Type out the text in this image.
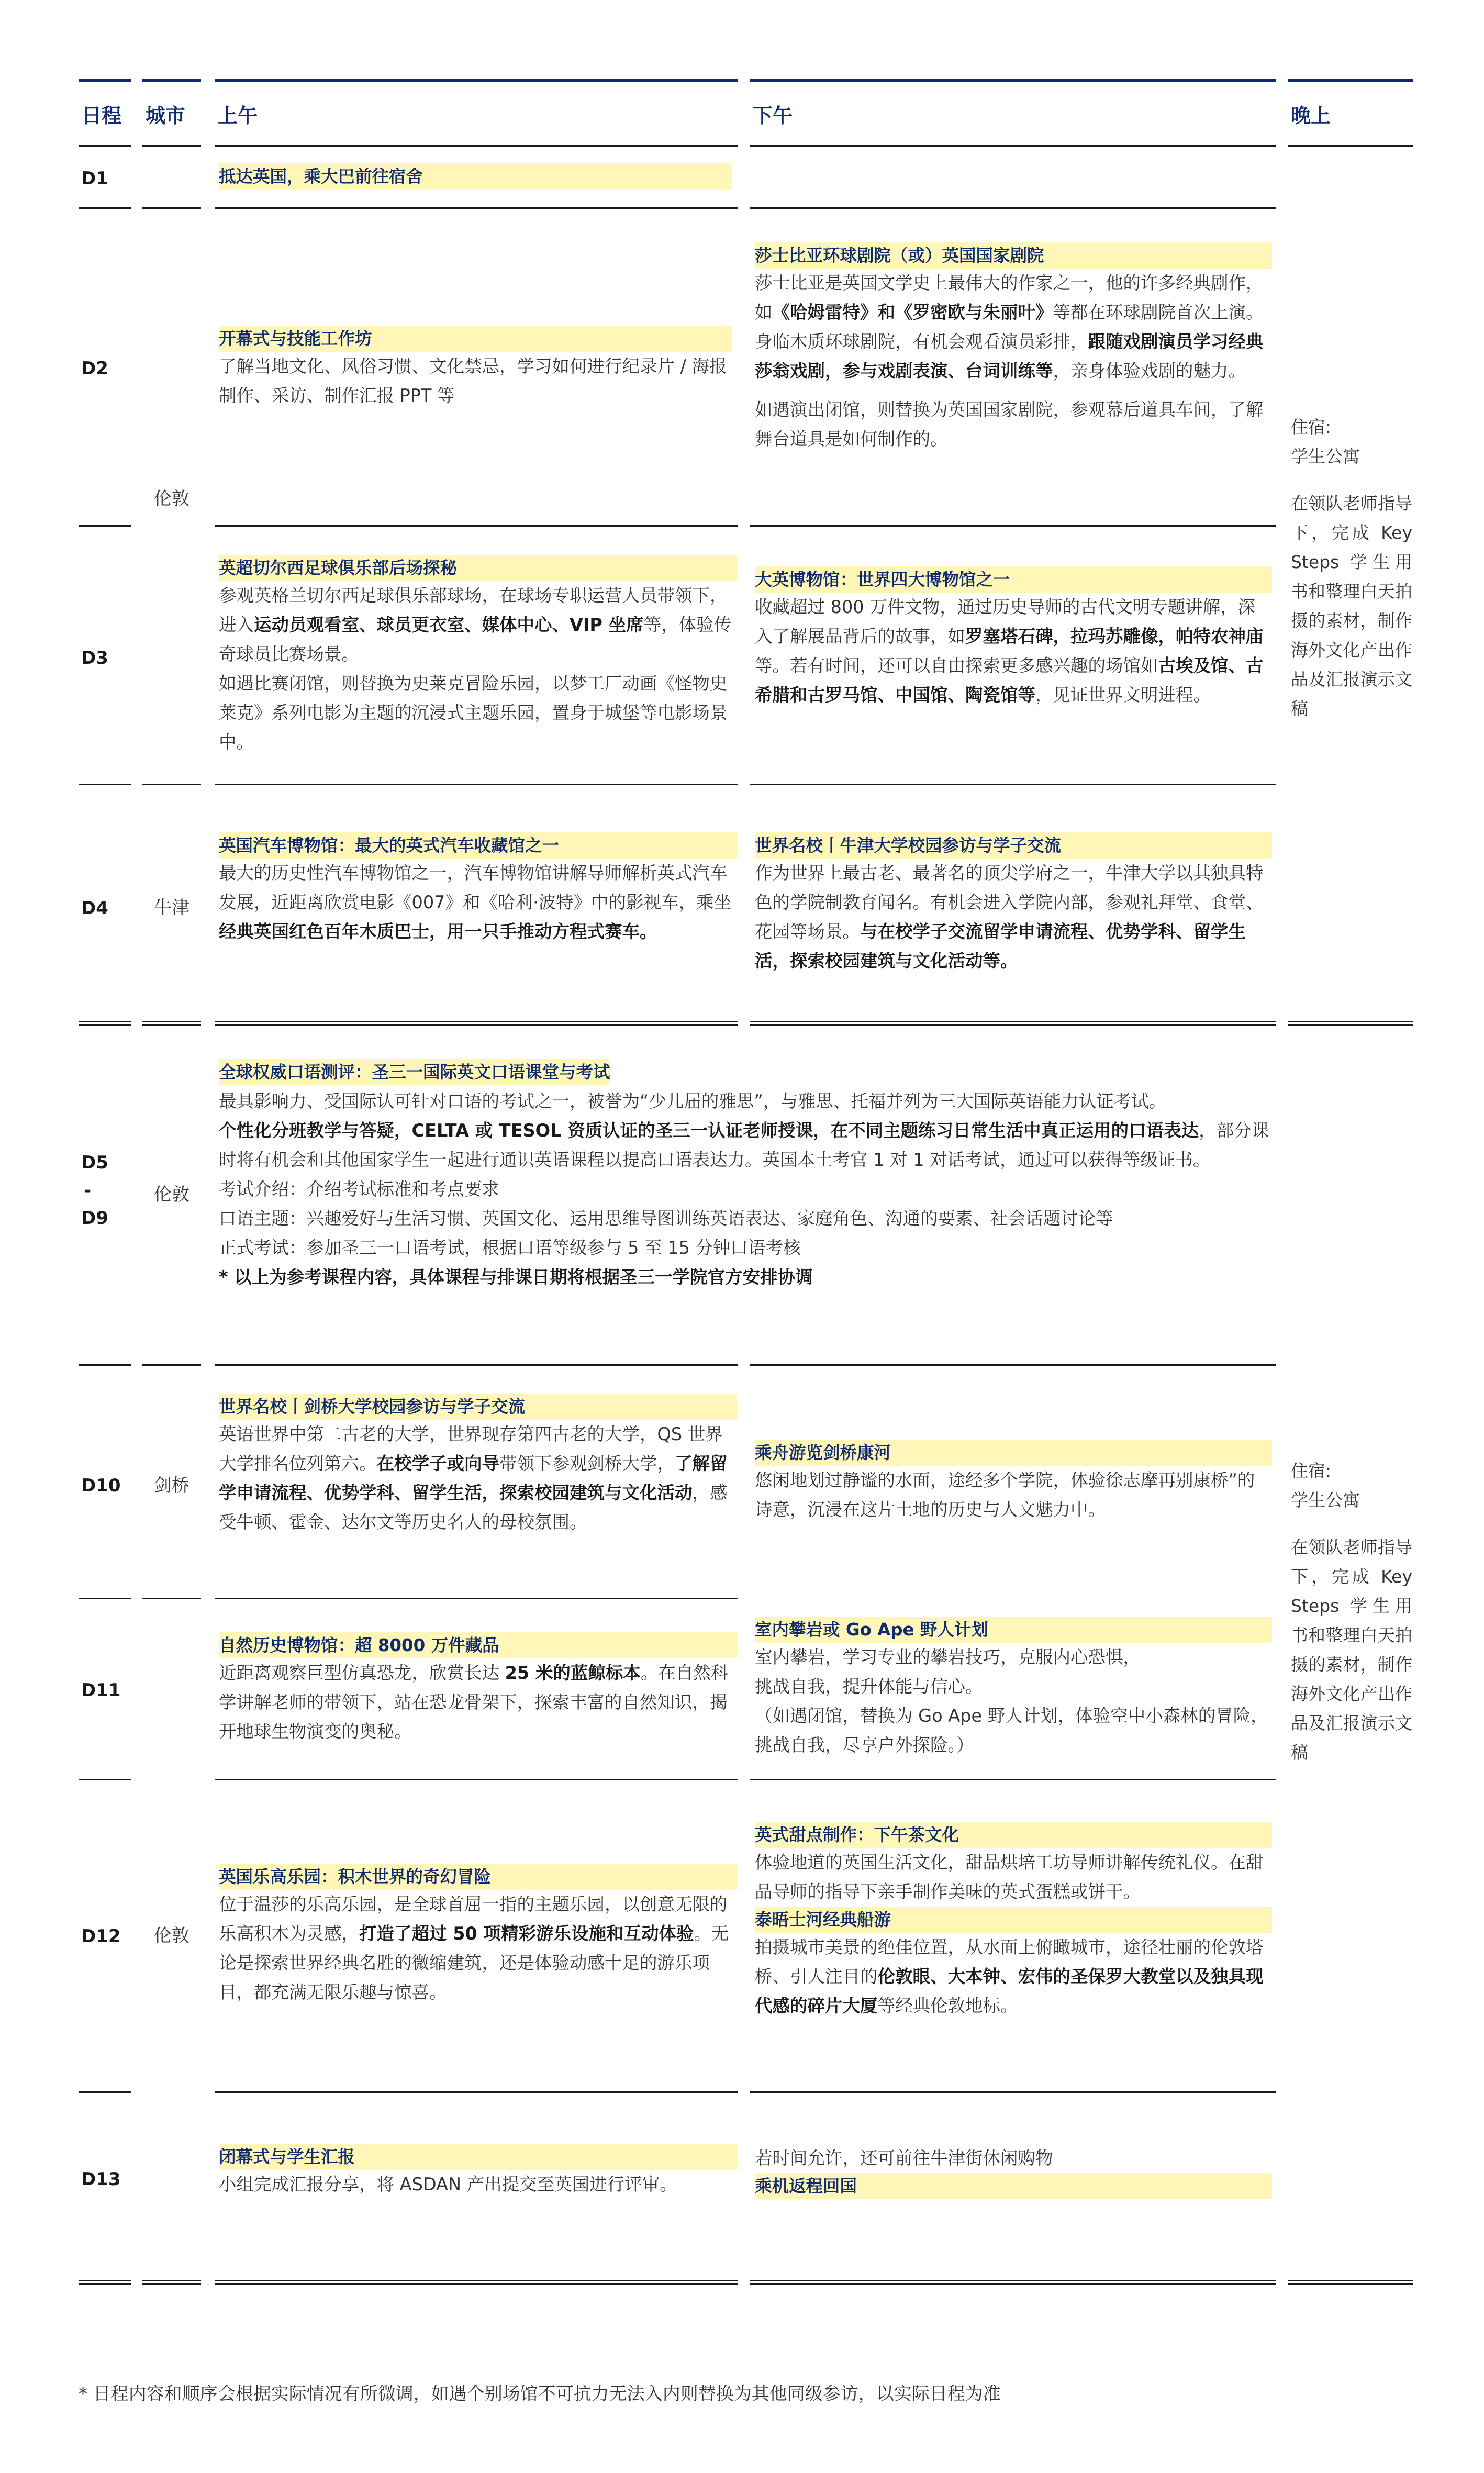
日程 城市 上午	下午	晚上
D1
D2
D3
D4
D5
-
D9
D10
D11
D12
D13
伦敦
牛津
伦敦
剑桥
伦敦
抵达英国，乘大巴前往宿舍
开幕式与技能工作坊

了解当地文化、风俗习惯、文化禁忌，学习如何进行纪录片 / 海报制作、采访、制作汇报 PPT 等

莎士比亚环球剧院（或）英国国家剧院

莎士比亚是英国文学史上最伟大的作家之一，他的许多经典剧作，如《哈姆雷特》和《罗密欧与朱丽叶》等都在环球剧院首次上演。身临木质环球剧院，有机会观看演员彩排，跟随戏剧演员学习经典莎翁戏剧，参与戏剧表演、台词训练等，亲身体验戏剧的魅力。

如遇演出闭馆，则替换为英国国家剧院，参观幕后道具车间，了解舞台道具是如何制作的。

英超切尔西足球俱乐部后场探秘

参观英格兰切尔西足球俱乐部球场，在球场专职运营人员带领下，进入运动员观看室、球员更衣室、媒体中心、VIP 坐席等，体验传奇球员比赛场景。

如遇比赛闭馆，则替换为史莱克冒险乐园，以梦工厂动画《怪物史莱克》系列电影为主题的沉浸式主题乐园，置身于城堡等电影场景中。

大英博物馆：世界四大博物馆之一

收藏超过 800 万件文物，通过历史导师的古代文明专题讲解，深入了解展品背后的故事，如罗塞塔石碑，拉玛苏雕像，帕特农神庙等。若有时间，还可以自由探索更多感兴趣的场馆如古埃及馆、古希腊和古罗马馆、中国馆、陶瓷馆等，见证世界文明进程。

英国汽车博物馆：最大的英式汽车收藏馆之一

最大的历史性汽车博物馆之一，汽车博物馆讲解导师解析英式汽车发展，近距离欣赏电影《007》和《哈利·波特》中的影视车，乘坐经典英国红色百年木质巴士，用一只手推动方程式赛车。

世界名校丨牛津大学校园参访与学子交流

作为世界上最古老、最著名的顶尖学府之一，牛津大学以其独具特色的学院制教育闻名。有机会进入学院内部，参观礼拜堂、食堂、花园等场景。与在校学子交流留学申请流程、优势学科、留学生活，探索校园建筑与文化活动等。

全球权威口语测评：圣三一国际英文口语课堂与考试

最具影响力、受国际认可针对口语的考试之一，被誉为“少儿届的雅思”，与雅思、托福并列为三大国际英语能力认证考试。
个性化分班教学与答疑，CELTA 或 TESOL 资质认证的圣三一认证老师授课，在不同主题练习日常生活中真正运用的口语表达，部分课时将有机会和其他国家学生一起进行通识英语课程以提高口语表达力。英国本土考官 1 对 1 对话考试，通过可以获得等级证书。

考试介绍：介绍考试标准和考点要求

口语主题：兴趣爱好与生活习惯、英国文化、运用思维导图训练英语表达、家庭角色、沟通的要素、社会话题讨论等

正式考试：参加圣三一口语考试，根据口语等级参与 5 至 15 分钟口语考核

* 以上为参考课程内容，具体课程与排课日期将根据圣三一学院官方安排协调

世界名校丨剑桥大学校园参访与学子交流

英语世界中第二古老的大学，世界现存第四古老的大学，QS 世界大学排名位列第六。在校学子或向导带领下参观剑桥大学，了解留学申请流程、优势学科、留学生活，探索校园建筑与文化活动，感受牛顿、霍金、达尔文等历史名人的母校氛围。

乘舟游览剑桥康河

悠闲地划过静谧的水面，途经多个学院，体验徐志摩再别康桥”的诗意，沉浸在这片土地的历史与人文魅力中。

自然历史博物馆：超 8000 万件藏品

近距离观察巨型仿真恐龙，欣赏长达 25 米的蓝鲸标本。在自然科学讲解老师的带领下，站在恐龙骨架下，探索丰富的自然知识，揭开地球生物演变的奥秘。

室内攀岩或 Go Ape 野人计划

室内攀岩，学习专业的攀岩技巧，克服内心恐惧，

挑战自我，提升体能与信心。

（如遇闭馆，替换为 Go Ape 野人计划，体验空中小森林的冒险，挑战自我，尽享户外探险。）

英国乐高乐园：积木世界的奇幻冒险

位于温莎的乐高乐园，是全球首屈一指的主题乐园，以创意无限的乐高积木为灵感，打造了超过 50 项精彩游乐设施和互动体验。无论是探索世界经典名胜的微缩建筑，还是体验动感十足的游乐项目，都充满无限乐趣与惊喜。

英式甜点制作：下午茶文化

体验地道的英国生活文化，甜品烘培工坊导师讲解传统礼仪。在甜品导师的指导下亲手制作美味的英式蛋糕或饼干。

泰晤士河经典船游

拍摄城市美景的绝佳位置，从水面上俯瞰城市，途径壮丽的伦敦塔桥、引人注目的伦敦眼、大本钟、宏伟的圣保罗大教堂以及独具现代感的碎片大厦等经典伦敦地标。

闭幕式与学生汇报

小组完成汇报分享，将 ASDAN 产出提交至英国进行评审。

若时间允许，还可前往牛津街休闲购物

乘机返程回国

住宿:

学生公寓

在领队老师指导下，完成 Key Steps 学生用书和整理白天拍摄的素材，制作海外文化产出作品及汇报演示文稿

住宿:

学生公寓

在领队老师指导下，完成 Key Steps 学生用书和整理白天拍摄的素材，制作海外文化产出作品及汇报演示文稿

* 日程内容和顺序会根据实际情况有所微调，如遇个别场馆不可抗力无法入内则替换为其他同级参访，以实际日程为准
